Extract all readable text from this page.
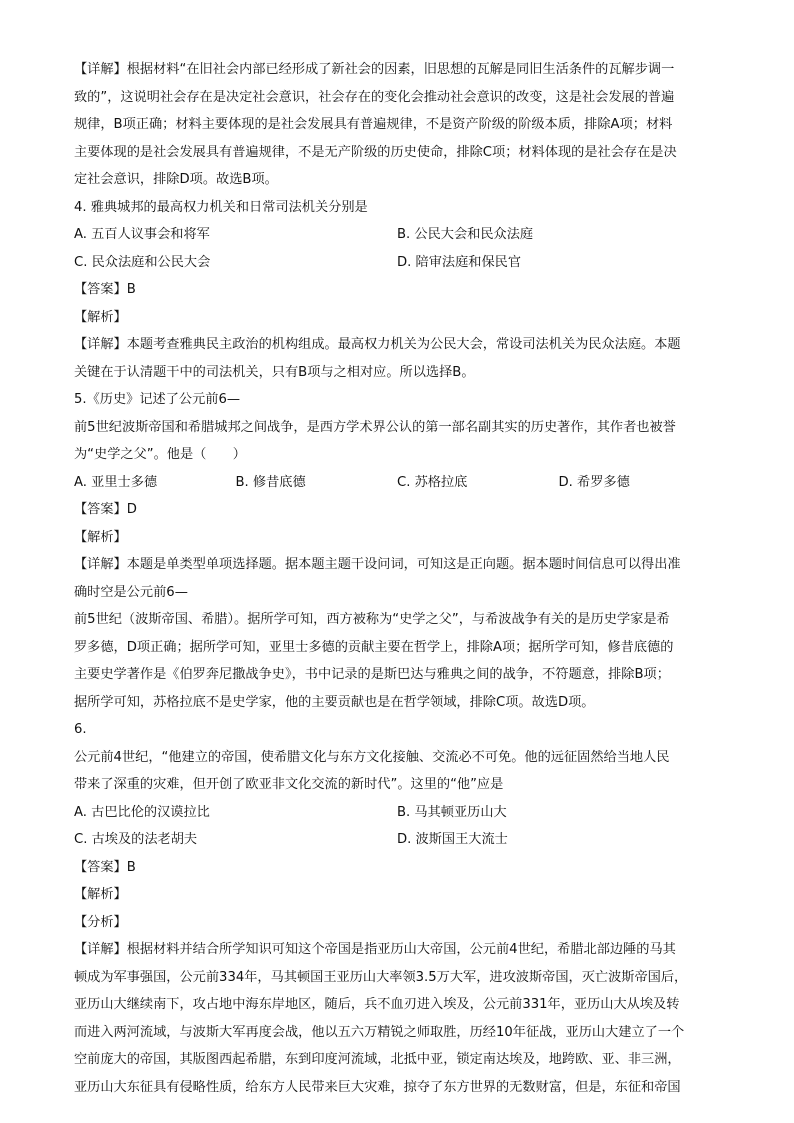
【详解】根据材料“在旧社会内部已经形成了新社会的因素，旧思想的瓦解是同旧生活条件的瓦解步调一
致的”，这说明社会存在是决定社会意识，社会存在的变化会推动社会意识的改变，这是社会发展的普遍
规律，B项正确；材料主要体现的是社会发展具有普遍规律，不是资产阶级的阶级本质，排除A项；材料
主要体现的是社会发展具有普遍规律，不是无产阶级的历史使命，排除C项；材料体现的是社会存在是决
定社会意识，排除D项。故选B项。
4. 雅典城邦的最高权力机关和日常司法机关分别是
A. 五百人议事会和将军	B. 公民大会和民众法庭
C. 民众法庭和公民大会	D. 陪审法庭和保民官
【答案】B
【解析】
【详解】本题考查雅典民主政治的机构组成。最高权力机关为公民大会，常设司法机关为民众法庭。本题
关键在于认清题干中的司法机关，只有B项与之相对应。所以选择B。
5.《历史》记述了公元前6—
前5世纪波斯帝国和希腊城邦之间战争，是西方学术界公认的第一部名副其实的历史著作，其作者也被誉
为“史学之父”。他是（　　）
A. 亚里士多德	B. 修昔底德	C. 苏格拉底	D. 希罗多德
【答案】D
【解析】
【详解】本题是单类型单项选择题。据本题主题干设问词，可知这是正向题。据本题时间信息可以得出准
确时空是公元前6—
前5世纪（波斯帝国、希腊）。据所学可知，西方被称为“史学之父”，与希波战争有关的是历史学家是希
罗多德，D项正确；据所学可知，亚里士多德的贡献主要在哲学上，排除A项；据所学可知，修昔底德的
主要史学著作是《伯罗奔尼撒战争史》，书中记录的是斯巴达与雅典之间的战争，不符题意，排除B项；
据所学可知，苏格拉底不是史学家，他的主要贡献也是在哲学领域，排除C项。故选D项。
6.
公元前4世纪，“他建立的帝国，使希腊文化与东方文化接触、交流必不可免。他的远征固然给当地人民
带来了深重的灾难，但开创了欧亚非文化交流的新时代”。这里的“他”应是
A. 古巴比伦的汉谟拉比	B. 马其顿亚历山大
C. 古埃及的法老胡夫	D. 波斯国王大流士
【答案】B
【解析】
【分析】
【详解】根据材料并结合所学知识可知这个帝国是指亚历山大帝国，公元前4世纪，希腊北部边陲的马其
顿成为军事强国，公元前334年，马其顿国王亚历山大率领3.5万大军，进攻波斯帝国，灭亡波斯帝国后，
亚历山大继续南下，攻占地中海东岸地区，随后，兵不血刃进入埃及，公元前331年，亚历山大从埃及转
而进入两河流域，与波斯大军再度会战，他以五六万精锐之师取胜，历经10年征战，亚历山大建立了一个
空前庞大的帝国，其版图西起希腊，东到印度河流域，北抵中亚，锁定南达埃及，地跨欧、亚、非三洲，
亚历山大东征具有侵略性质，给东方人民带来巨大灾难，掠夺了东方世界的无数财富，但是，东征和帝国
